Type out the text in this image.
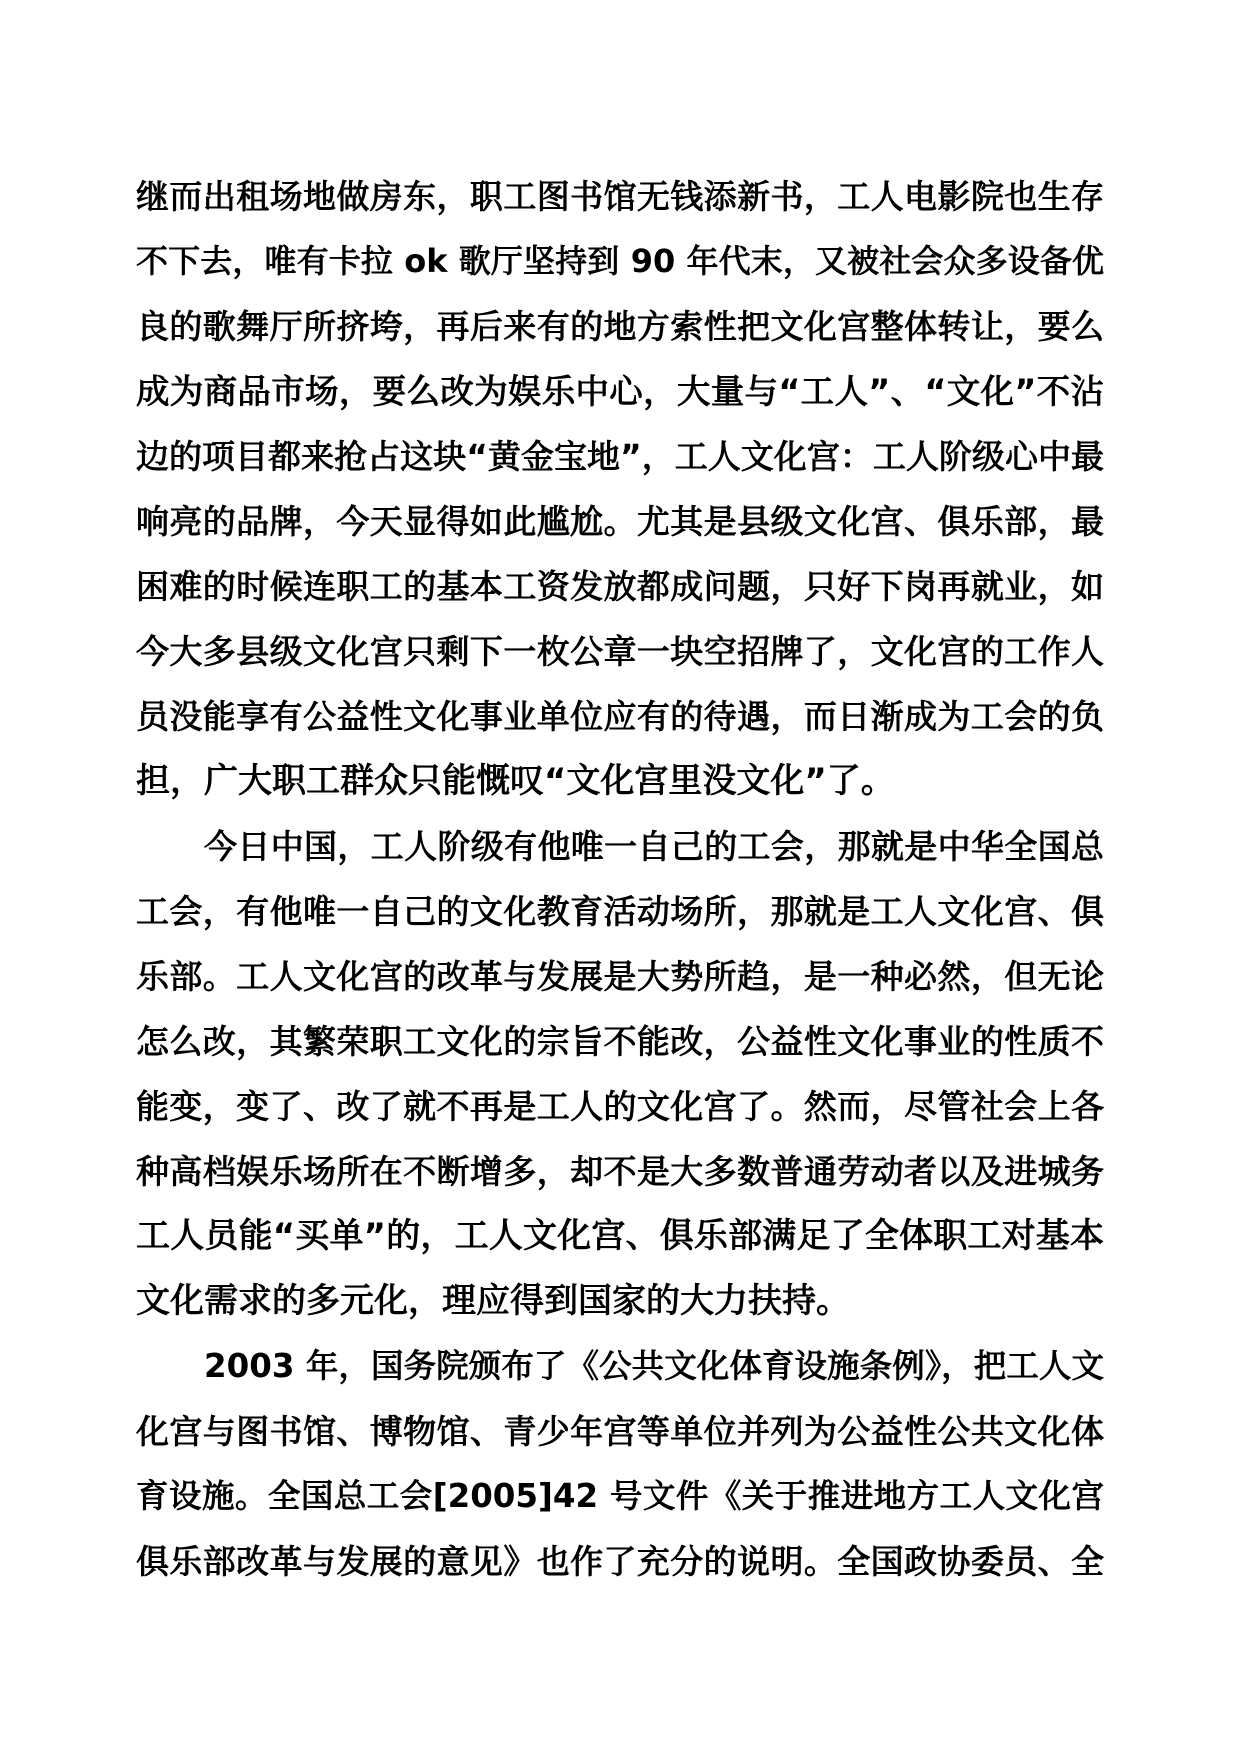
继而出租场地做房东，职工图书馆无钱添新书，工人电影院也生存
不下去，唯有卡拉 ok 歌厅坚持到 90 年代末，又被社会众多设备优
良的歌舞厅所挤垮，再后来有的地方索性把文化宫整体转让，要么
成为商品市场，要么改为娱乐中心，大量与“工人”、“文化”不沾
边的项目都来抢占这块“黄金宝地”，工人文化宫：工人阶级心中最
响亮的品牌，今天显得如此尴尬。尤其是县级文化宫、俱乐部，最
困难的时候连职工的基本工资发放都成问题，只好下岗再就业，如
今大多县级文化宫只剩下一枚公章一块空招牌了，文化宫的工作人
员没能享有公益性文化事业单位应有的待遇，而日渐成为工会的负
担，广大职工群众只能慨叹“文化宫里没文化”了。
今日中国，工人阶级有他唯一自己的工会，那就是中华全国总
工会，有他唯一自己的文化教育活动场所，那就是工人文化宫、俱
乐部。工人文化宫的改革与发展是大势所趋，是一种必然，但无论
怎么改，其繁荣职工文化的宗旨不能改，公益性文化事业的性质不
能变，变了、改了就不再是工人的文化宫了。然而，尽管社会上各
种高档娱乐场所在不断增多，却不是大多数普通劳动者以及进城务
工人员能“买单”的，工人文化宫、俱乐部满足了全体职工对基本
文化需求的多元化，理应得到国家的大力扶持。
2003 年，国务院颁布了《公共文化体育设施条例》，把工人文
化宫与图书馆、博物馆、青少年宫等单位并列为公益性公共文化体
育设施。全国总工会[2005]42 号文件《关于推进地方工人文化宫
俱乐部改革与发展的意见》也作了充分的说明。全国政协委员、全
